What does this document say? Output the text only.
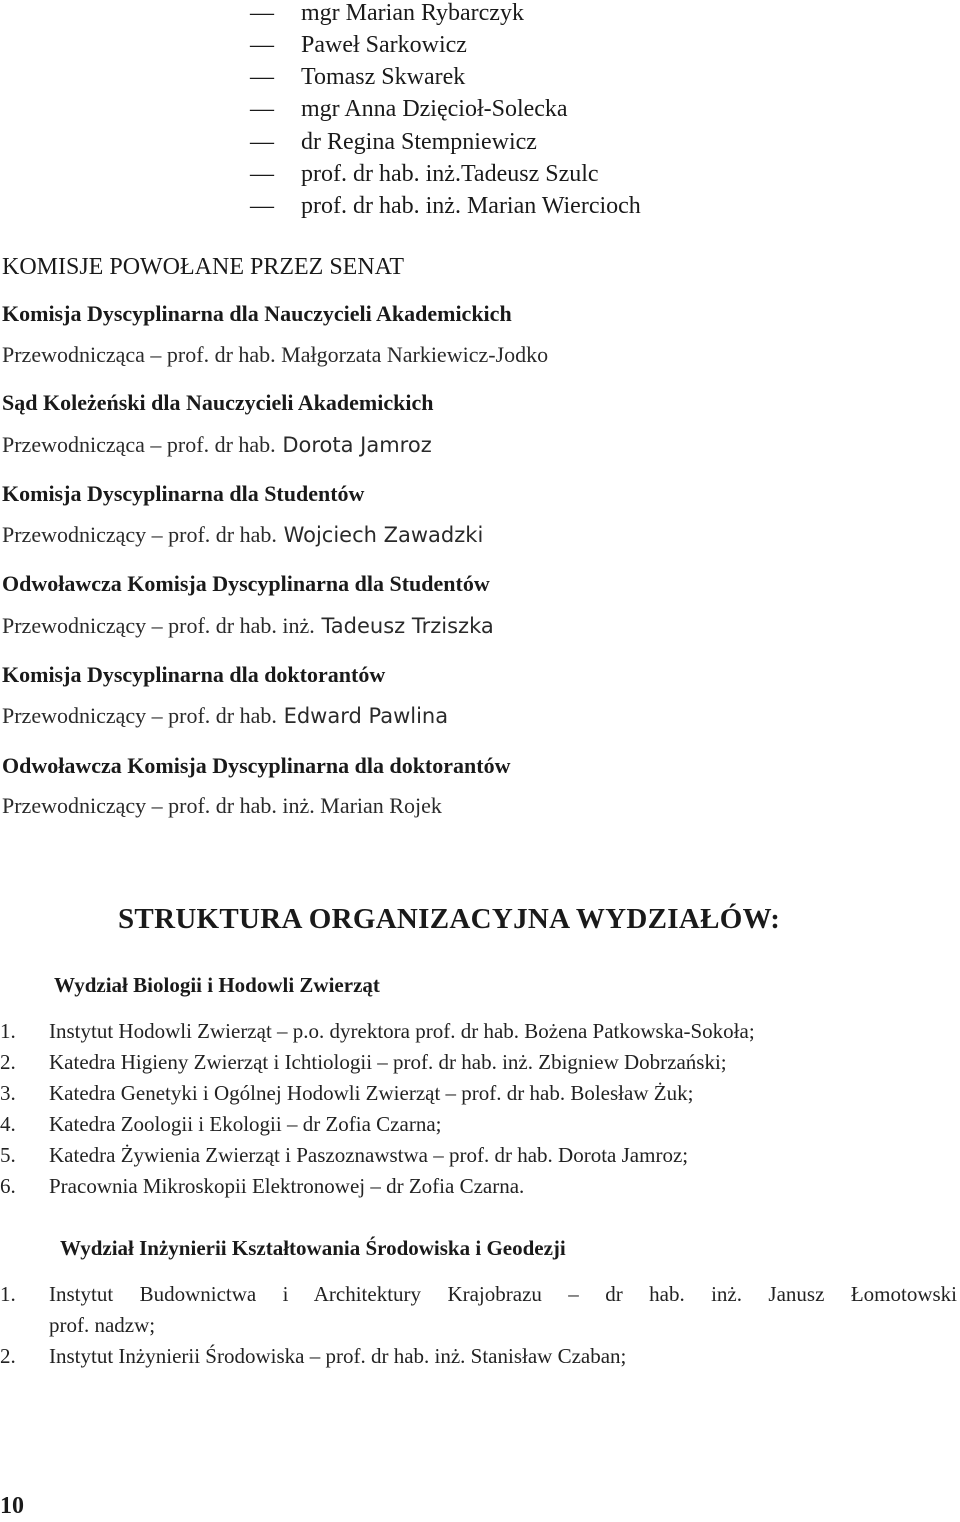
— mgr Marian Rybarczyk
— Paweł Sarkowicz
— Tomasz Skwarek
— mgr Anna Dzięcioł-Solecka
— dr Regina Stempniewicz
— prof. dr hab. inż.Tadeusz Szulc
— prof. dr hab. inż. Marian Wiercioch
KOMISJE POWOŁANE PRZEZ SENAT
Komisja Dyscyplinarna dla Nauczycieli Akademickich
Przewodnicząca – prof. dr hab. Małgorzata Narkiewicz-Jodko
Sąd Koleżeński dla Nauczycieli Akademickich
Przewodnicząca – prof. dr hab. Dorota Jamroz
Komisja Dyscyplinarna dla Studentów
Przewodniczący – prof. dr hab. Wojciech Zawadzki
Odwoławcza Komisja Dyscyplinarna dla Studentów
Przewodniczący – prof. dr hab. inż. Tadeusz Trziszka
Komisja Dyscyplinarna dla doktorantów
Przewodniczący – prof. dr hab. Edward Pawlina
Odwoławcza Komisja Dyscyplinarna dla doktorantów
Przewodniczący – prof. dr hab. inż. Marian Rojek
STRUKTURA ORGANIZACYJNA WYDZIAŁÓW:
Wydział Biologii i Hodowli Zwierząt
1. Instytut Hodowli Zwierząt – p.o. dyrektora prof. dr hab. Bożena Patkowska-Sokoła;
2. Katedra Higieny Zwierząt i Ichtiologii – prof. dr hab. inż. Zbigniew Dobrzański;
3. Katedra Genetyki i Ogólnej Hodowli Zwierząt – prof. dr hab. Bolesław Żuk;
4. Katedra Zoologii i Ekologii – dr Zofia Czarna;
5. Katedra Żywienia Zwierząt i Paszoznawstwa – prof. dr hab. Dorota Jamroz;
6. Pracownia Mikroskopii Elektronowej – dr Zofia Czarna.
Wydział Inżynierii Kształtowania Środowiska i Geodezji
1. Instytut Budownictwa i Architektury Krajobrazu – dr hab. inż. Janusz Łomotowski
prof. nadzw;
2. Instytut Inżynierii Środowiska – prof. dr hab. inż. Stanisław Czaban;
10
